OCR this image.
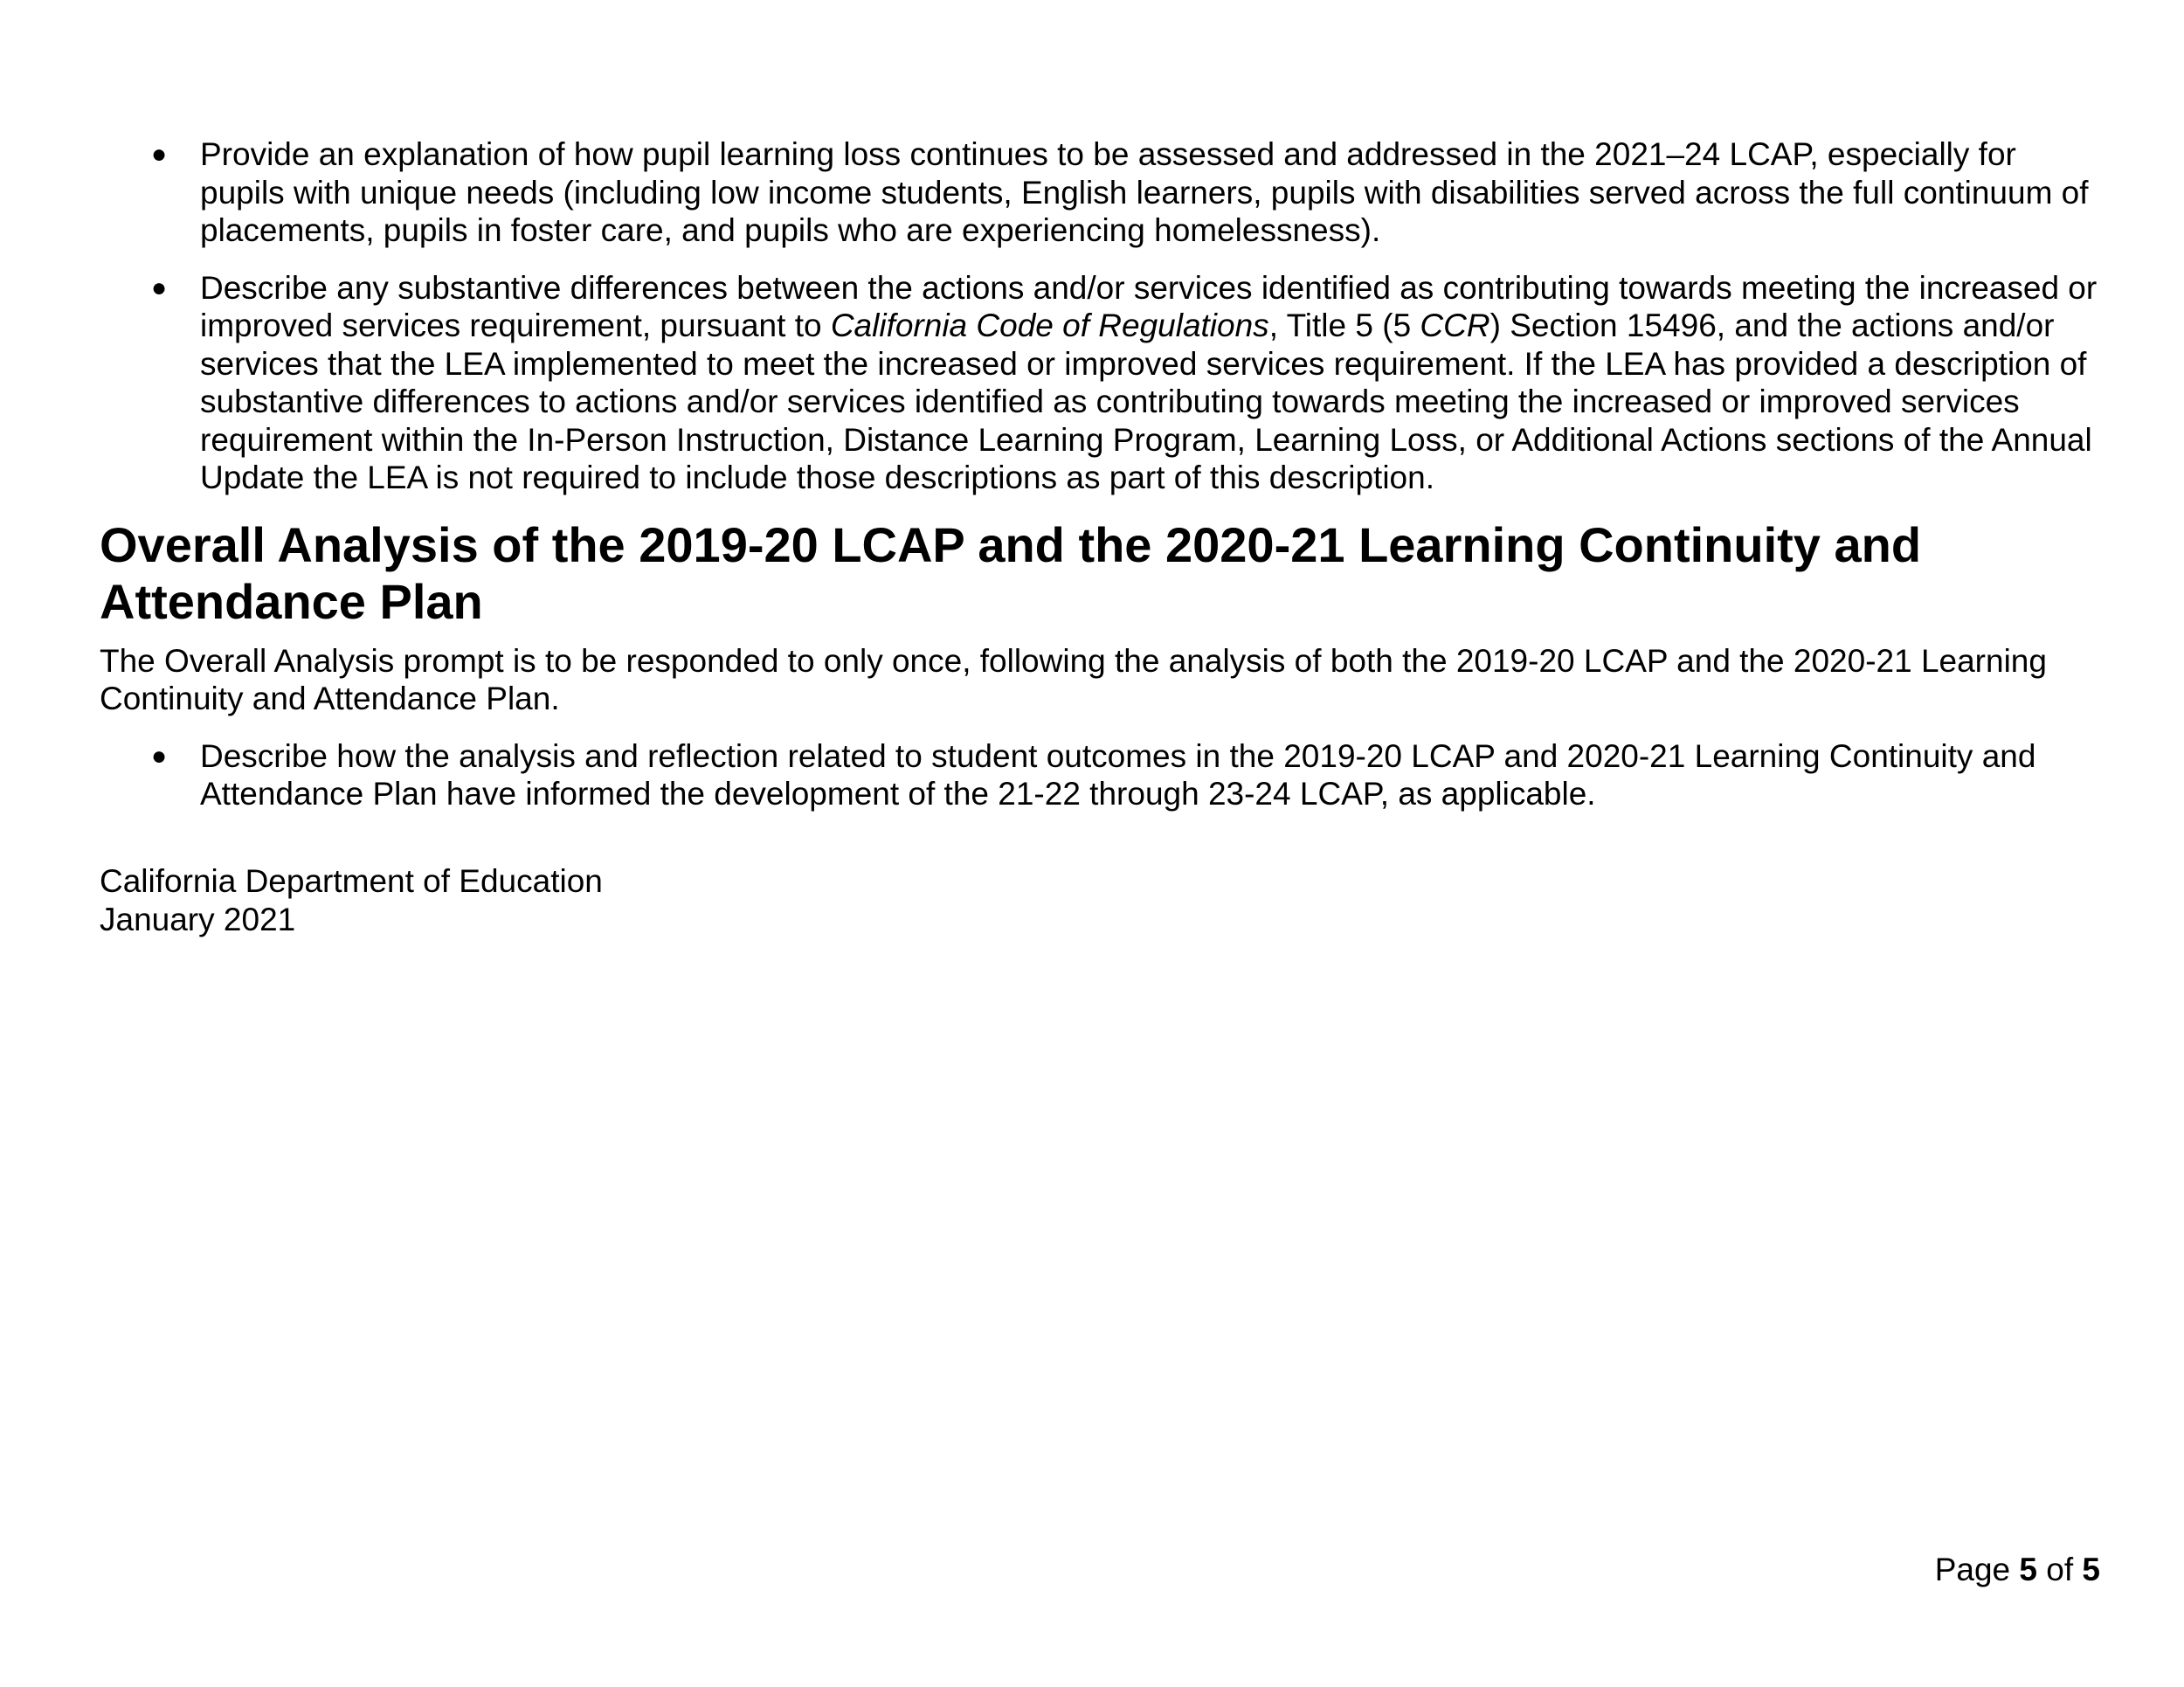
● Provide an explanation of how pupil learning loss continues to be assessed and addressed in the 2021–24 LCAP, especially for pupils with unique needs (including low income students, English learners, pupils with disabilities served across the full continuum of placements, pupils in foster care, and pupils who are experiencing homelessness).
● Describe any substantive differences between the actions and/or services identified as contributing towards meeting the increased or improved services requirement, pursuant to California Code of Regulations, Title 5 (5 CCR) Section 15496, and the actions and/or services that the LEA implemented to meet the increased or improved services requirement. If the LEA has provided a description of substantive differences to actions and/or services identified as contributing towards meeting the increased or improved services requirement within the In-Person Instruction, Distance Learning Program, Learning Loss, or Additional Actions sections of the Annual Update the LEA is not required to include those descriptions as part of this description.
Overall Analysis of the 2019-20 LCAP and the 2020-21 Learning Continuity and Attendance Plan

The Overall Analysis prompt is to be responded to only once, following the analysis of both the 2019-20 LCAP and the 2020-21 Learning Continuity and Attendance Plan.

● Describe how the analysis and reflection related to student outcomes in the 2019-20 LCAP and 2020-21 Learning Continuity and Attendance Plan have informed the development of the 21-22 through 23-24 LCAP, as applicable.
California Department of Education
January 2021
Page 5 of 5
